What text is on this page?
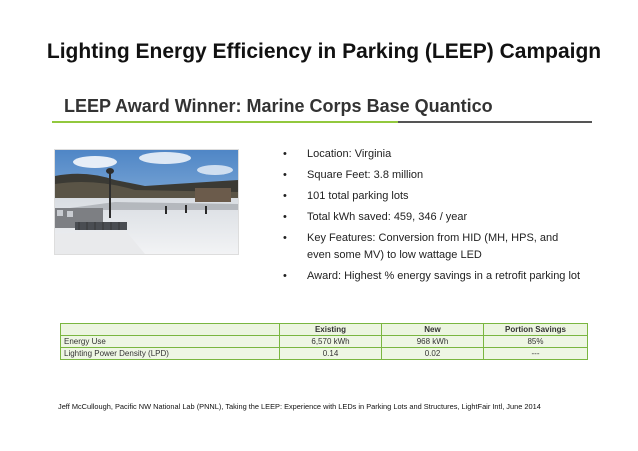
Lighting Energy Efficiency in Parking (LEEP) Campaign
LEEP Award Winner: Marine Corps Base Quantico
• Location: Virginia
• Square Feet: 3.8 million
• 101 total parking lots
• Total kWh saved: 459, 346 / year
• Key Features: Conversion from HID (MH, HPS, and even some MV) to low wattage LED
• Award: Highest % energy savings in a retrofit parking lot
	Existing	New	Portion Savings
Energy Use	6,570 kWh	968 kWh	85%
Lighting Power Density (LPD)	0.14	0.02	---
Jeff McCullough, Pacific NW National Lab (PNNL), Taking the LEEP: Experience with LEDs in Parking Lots and Structures, LightFair Intl, June 2014
